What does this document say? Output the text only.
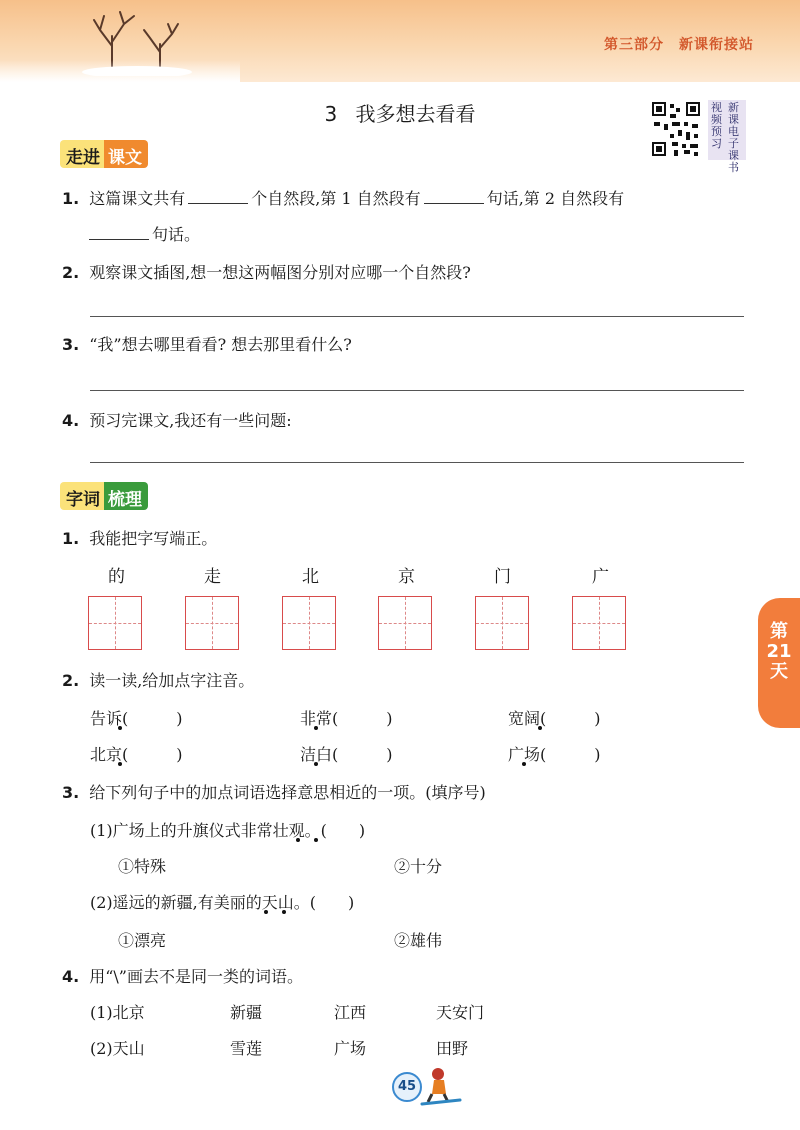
第三部分　新课衔接站
3 我多想去看看	视频预习
新课电子课书
走进 课文
1. 这篇课文共有	个自然段,第 1 自然段有	句话,第 2 自然段有
句话。
2. 观察课文插图,想一想这两幅图分别对应哪一个自然段?
3. “我”想去哪里看看? 想去那里看什么?
4. 预习完课文,我还有一些问题:
字词 梳理
1. 我能把字写端正。
的	走	北	京	门	广
2. 读一读,给加点字注音。
告诉(　　　)	非常(　　　)	宽阔(　　　)
北京(　　　)	洁白(　　　)	广场(　　　)
3. 给下列句子中的加点词语选择意思相近的一项。(填序号)
(1)广场上的升旗仪式非常壮观。(　　)
①特殊	②十分
(2)遥远的新疆,有美丽的天山。(　　)
①漂亮	②雄伟
4. 用“\”画去不是同一类的词语。
(1)北京	新疆	江西	天安门
(2)天山	雪莲	广场	田野
第
21
天
45
